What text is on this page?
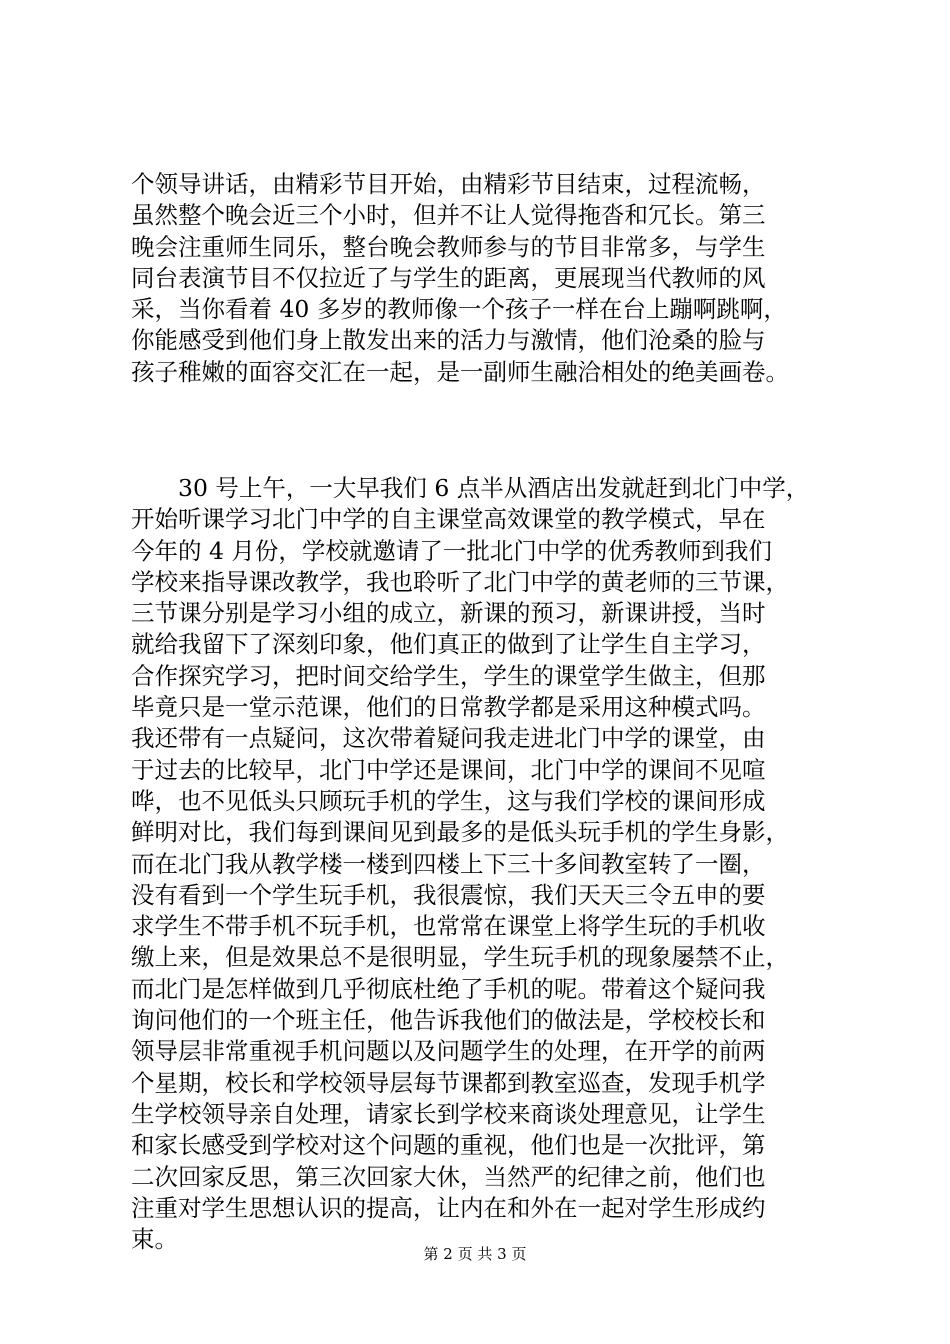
个领导讲话，由精彩节目开始，由精彩节目结束，过程流畅，
虽然整个晚会近三个小时，但并不让人觉得拖沓和冗长。第三
晚会注重师生同乐，整台晚会教师参与的节目非常多，与学生
同台表演节目不仅拉近了与学生的距离，更展现当代教师的风
采，当你看着 40 多岁的教师像一个孩子一样在台上蹦啊跳啊，
你能感受到他们身上散发出来的活力与激情，他们沧桑的脸与
孩子稚嫩的面容交汇在一起，是一副师生融洽相处的绝美画卷。
30 号上午，一大早我们 6 点半从酒店出发就赶到北门中学，
开始听课学习北门中学的自主课堂高效课堂的教学模式，早在
今年的 4 月份，学校就邀请了一批北门中学的优秀教师到我们
学校来指导课改教学，我也聆听了北门中学的黄老师的三节课，
三节课分别是学习小组的成立，新课的预习，新课讲授，当时
就给我留下了深刻印象，他们真正的做到了让学生自主学习，
合作探究学习，把时间交给学生，学生的课堂学生做主，但那
毕竟只是一堂示范课，他们的日常教学都是采用这种模式吗。
我还带有一点疑问，这次带着疑问我走进北门中学的课堂，由
于过去的比较早，北门中学还是课间，北门中学的课间不见喧
哗，也不见低头只顾玩手机的学生，这与我们学校的课间形成
鲜明对比，我们每到课间见到最多的是低头玩手机的学生身影，
而在北门我从教学楼一楼到四楼上下三十多间教室转了一圈，
没有看到一个学生玩手机，我很震惊，我们天天三令五申的要
求学生不带手机不玩手机，也常常在课堂上将学生玩的手机收
缴上来，但是效果总不是很明显，学生玩手机的现象屡禁不止，
而北门是怎样做到几乎彻底杜绝了手机的呢。带着这个疑问我
询问他们的一个班主任，他告诉我他们的做法是，学校校长和
领导层非常重视手机问题以及问题学生的处理，在开学的前两
个星期，校长和学校领导层每节课都到教室巡查，发现手机学
生学校领导亲自处理，请家长到学校来商谈处理意见，让学生
和家长感受到学校对这个问题的重视，他们也是一次批评，第
二次回家反思，第三次回家大休，当然严的纪律之前，他们也
注重对学生思想认识的提高，让内在和外在一起对学生形成约
束。
第 2 页 共 3 页
